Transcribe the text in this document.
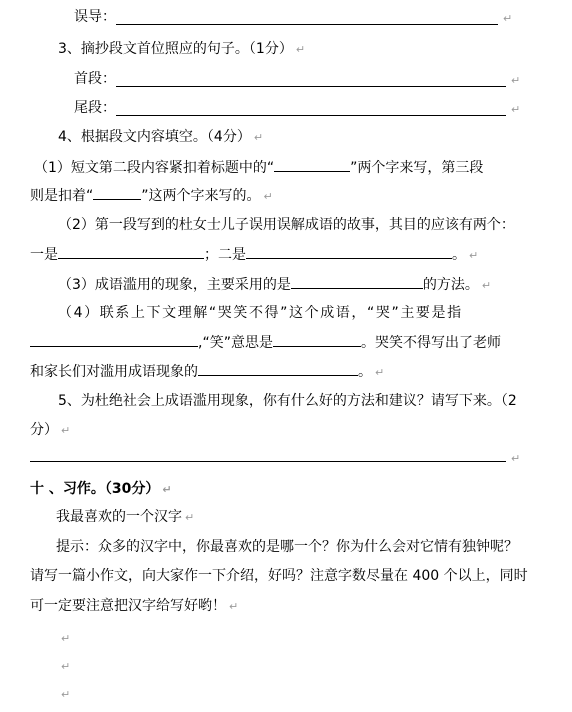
误导：	↵
3、摘抄段文首位照应的句子。（1分） ↵
首段：	↵
尾段：	↵
4、根据段文内容填空。（4分） ↵
（1）短文第二段内容紧扣着标题中的“	”两个字来写，第三段
则是扣着“	”这两个字来写的。 ↵
（2）第一段写到的杜女士儿子误用误解成语的故事，其目的应该有两个：
一是	；二是	。 ↵
（3）成语滥用的现象，主要采用的是	的方法。 ↵
（4）联系上下文理解“哭笑不得”这个成语，“哭”主要是指
,“笑”意思是	。哭笑不得写出了老师
和家长们对滥用成语现象的	。 ↵
5、为杜绝社会上成语滥用现象，你有什么好的方法和建议？请写下来。（2
分） ↵
↵
十 、习作。（30分） ↵
我最喜欢的一个汉字 ↵
提示：众多的汉字中，你最喜欢的是哪一个？你为什么会对它情有独钟呢？
请写一篇小作文，向大家作一下介绍，好吗？注意字数尽量在 400 个以上，同时
可一定要注意把汉字给写好哟！ ↵
↵
↵
↵
